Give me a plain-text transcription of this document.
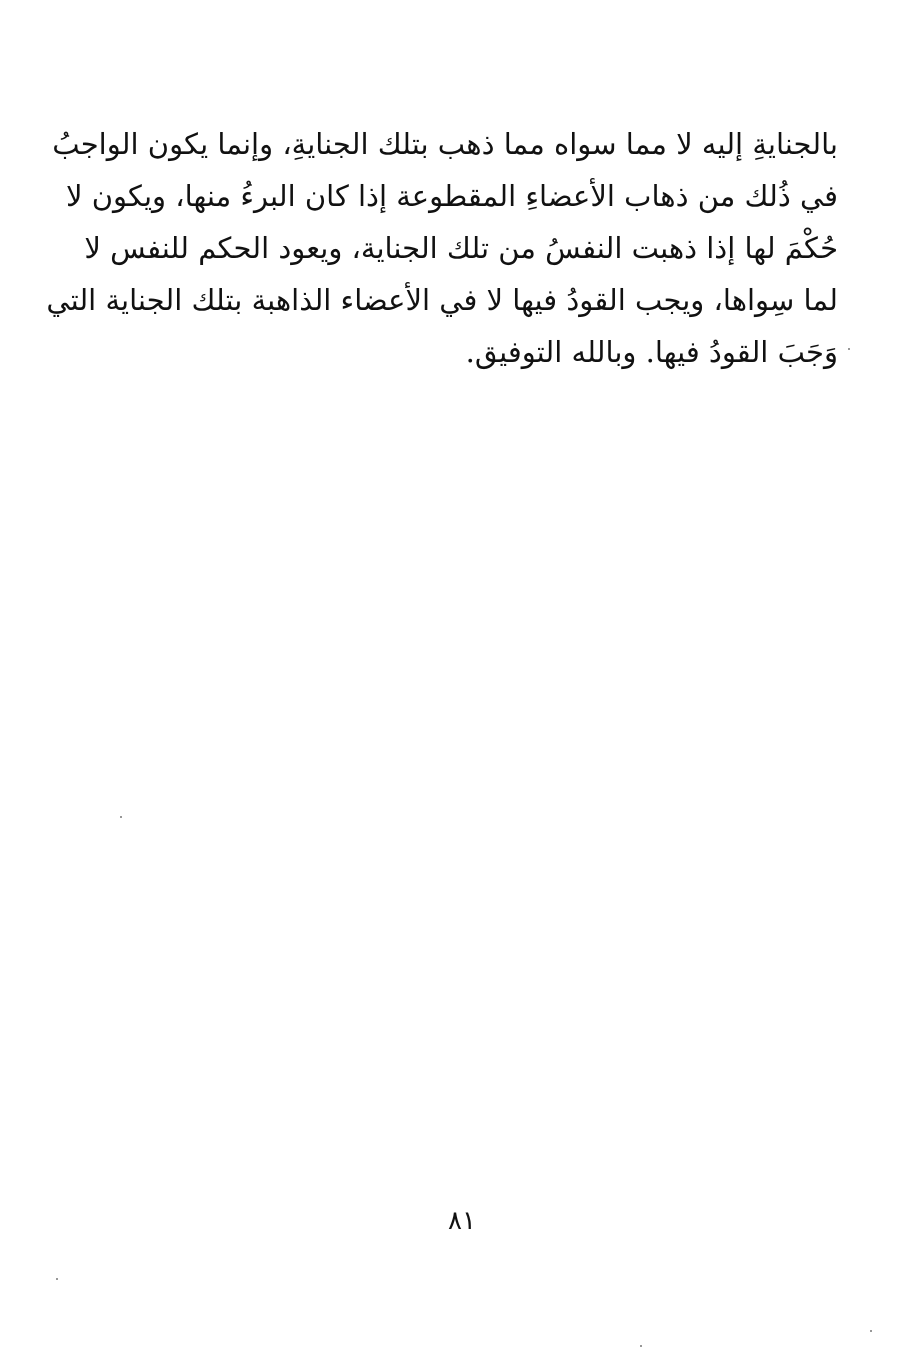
بالجنايةِ إليه لا مما سواه مما ذهب بتلك الجنايةِ، وإنما يكون الواجبُ
في ذُلك من ذهاب الأعضاءِ المقطوعة إذا كان البرءُ منها، ويكون لا
حُكْمَ لها إذا ذهبت النفسُ من تلك الجناية، ويعود الحكم للنفس لا
لما سِواها، ويجب القودُ فيها لا في الأعضاء الذاهبة بتلك الجناية التي
وَجَبَ القودُ فيها. وبالله التوفيق.
٨١
